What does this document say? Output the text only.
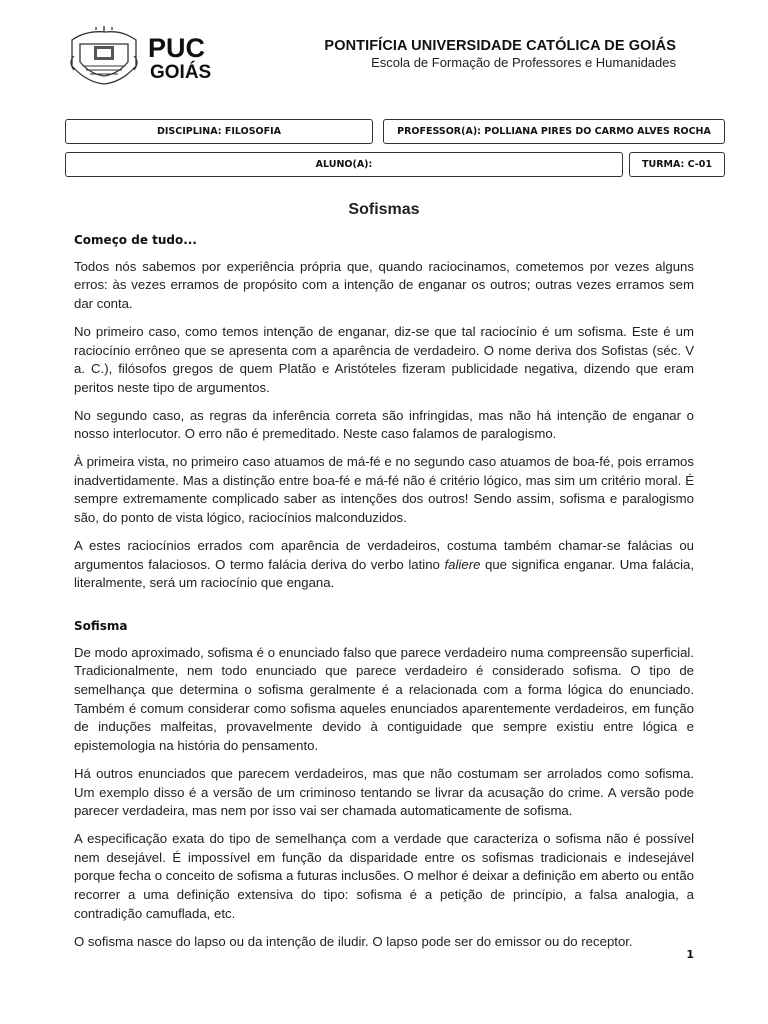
PUC
GOIÁS
PONTIFÍCIA UNIVERSIDADE CATÓLICA DE GOIÁS
Escola de Formação de Professores e Humanidades
DISCIPLINA: FILOSOFIA	PROFESSOR(A): POLLIANA PIRES DO CARMO ALVES ROCHA
ALUNO(A):	TURMA: C-01
Sofismas
Começo de tudo...

Todos nós sabemos por experiência própria que, quando raciocinamos, cometemos por vezes alguns erros: às vezes erramos de propósito com a intenção de enganar os outros; outras vezes erramos sem dar conta.

No primeiro caso, como temos intenção de enganar, diz-se que tal raciocínio é um sofisma. Este é um raciocínio errôneo que se apresenta com a aparência de verdadeiro. O nome deriva dos Sofistas (séc. V a. C.), filósofos gregos de quem Platão e Aristóteles fizeram publicidade negativa, dizendo que eram peritos neste tipo de argumentos.

No segundo caso, as regras da inferência correta são infringidas, mas não há intenção de enganar o nosso interlocutor. O erro não é premeditado. Neste caso falamos de paralogismo.

À primeira vista, no primeiro caso atuamos de má-fé e no segundo caso atuamos de boa-fé, pois erramos inadvertidamente. Mas a distinção entre boa-fé e má-fé não é critério lógico, mas sim um critério moral. É sempre extremamente complicado saber as intenções dos outros! Sendo assim, sofisma e paralogismo são, do ponto de vista lógico, raciocínios malconduzidos.

A estes raciocínios errados com aparência de verdadeiros, costuma também chamar-se falácias ou argumentos falaciosos. O termo falácia deriva do verbo latino faliere que significa enganar. Uma falácia, literalmente, será um raciocínio que engana.

Sofisma

De modo aproximado, sofisma é o enunciado falso que parece verdadeiro numa compreensão superficial. Tradicionalmente, nem todo enunciado que parece verdadeiro é considerado sofisma. O tipo de semelhança que determina o sofisma geralmente é a relacionada com a forma lógica do enunciado. Também é comum considerar como sofisma aqueles enunciados aparentemente verdadeiros, em função de induções malfeitas, provavelmente devido à contiguidade que sempre existiu entre lógica e epistemologia na história do pensamento.

Há outros enunciados que parecem verdadeiros, mas que não costumam ser arrolados como sofisma. Um exemplo disso é a versão de um criminoso tentando se livrar da acusação do crime. A versão pode parecer verdadeira, mas nem por isso vai ser chamada automaticamente de sofisma.

A especificação exata do tipo de semelhança com a verdade que caracteriza o sofisma não é possível nem desejável. É impossível em função da disparidade entre os sofismas tradicionais e indesejável porque fecha o conceito de sofisma a futuras inclusões. O melhor é deixar a definição em aberto ou então recorrer a uma definição extensiva do tipo: sofisma é a petição de princípio, a falsa analogia, a contradição camuflada, etc.

O sofisma nasce do lapso ou da intenção de iludir. O lapso pode ser do emissor ou do receptor.

1
